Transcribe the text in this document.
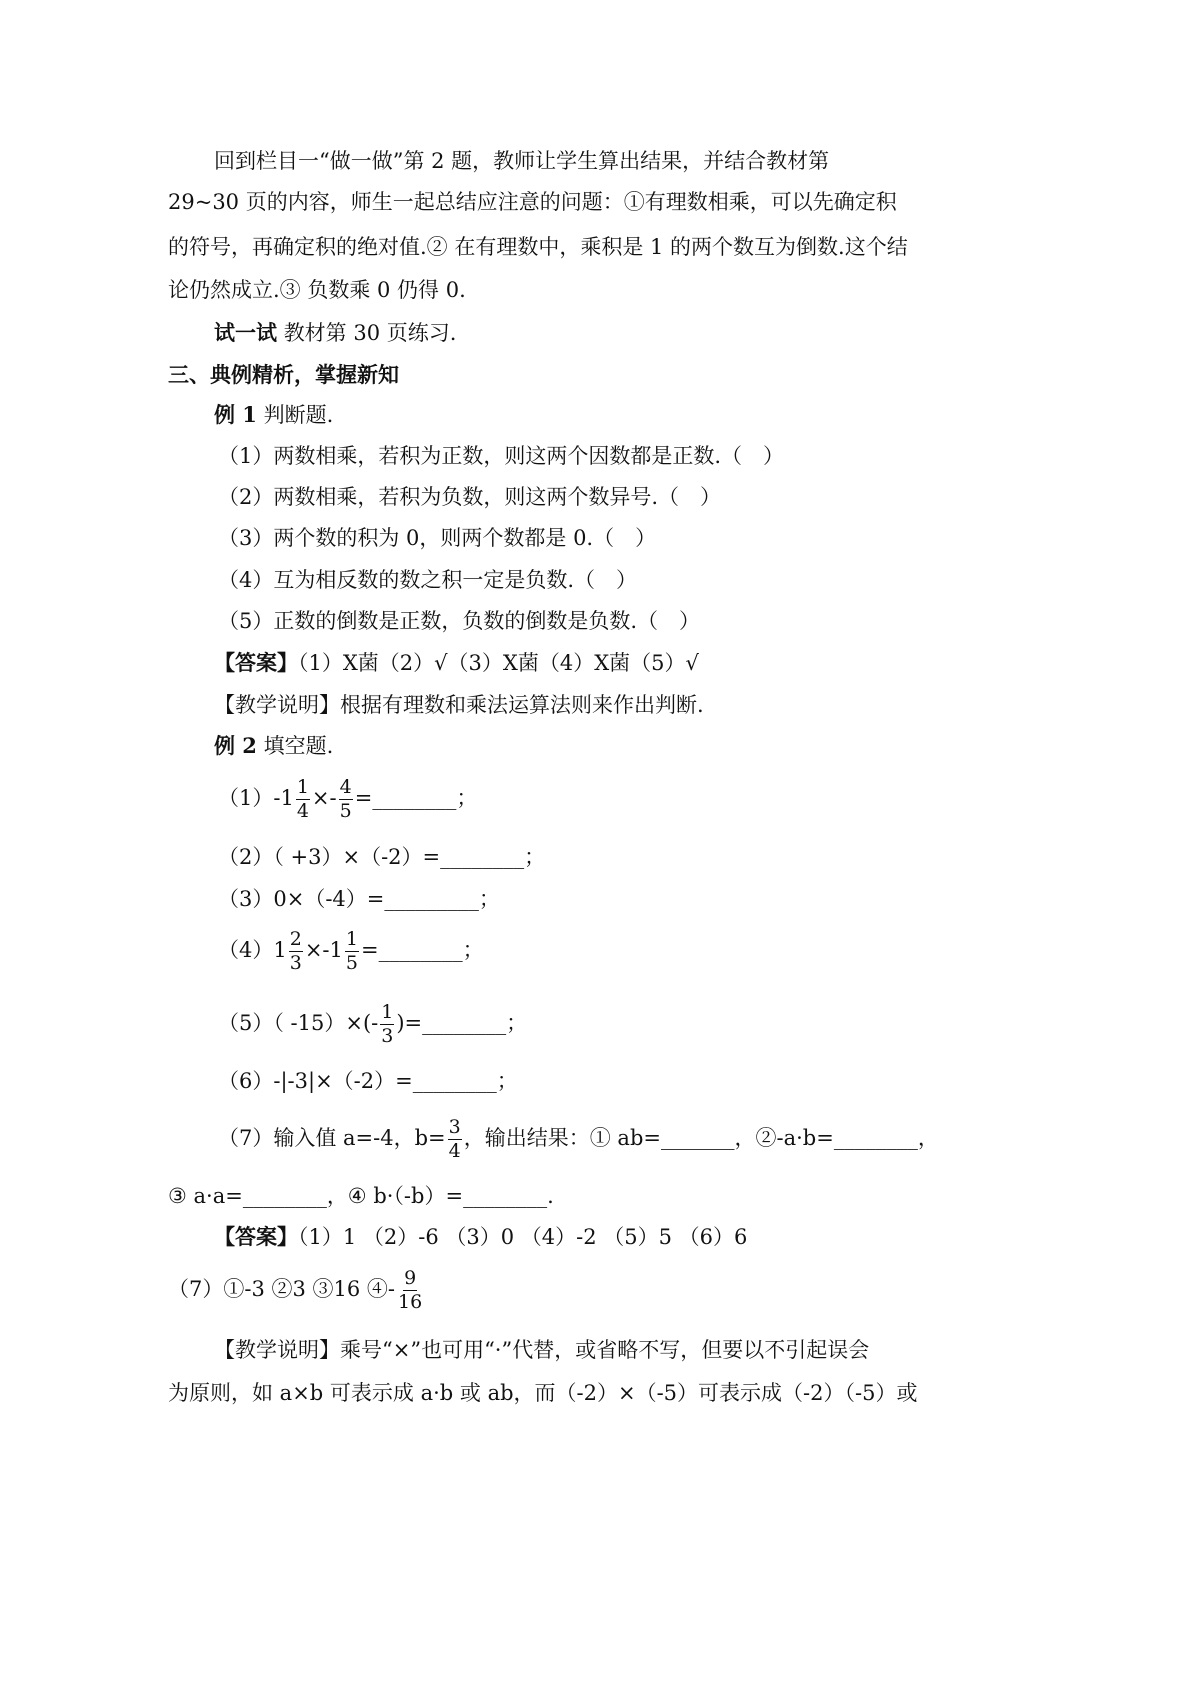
回到栏目一“做一做”第 2 题，教师让学生算出结果，并结合教材第
29~30 页的内容，师生一起总结应注意的问题：①有理数相乘，可以先确定积
的符号，再确定积的绝对值.② 在有理数中，乘积是 1 的两个数互为倒数.这个结
论仍然成立.③ 负数乘 0 仍得 0.
试一试 教材第 30 页练习.
三、典例精析，掌握新知
例 1 判断题.
（1）两数相乘，若积为正数，则这两个因数都是正数.（　）
（2）两数相乘，若积为负数，则这两个数异号.（　）
（3）两个数的积为 0，则两个数都是 0.（　）
（4）互为相反数的数之积一定是负数.（　）
（5）正数的倒数是正数，负数的倒数是负数.（　）
【答案】（1）X菌（2）√（3）X菌（4）X菌（5）√
【教学说明】根据有理数和乘法运算法则来作出判断.
例 2 填空题.
$(1)-1 \frac{1}{4} \times- \frac{4}{5}$ =________；
（2）（ +3）×（-2）=________；
（3）0×（-4）=_________；
$(4)1 \frac{2}{3} \times-1 \frac{1}{5}$ =________；
（5）（ $-15)\times(- \frac{1}{3}$ )=________；
（6）-|-3|×（-2）=________；
（7）输入值 a=-4，$b= \frac{3}{4}$ ，输出结果：① ab=_______，②-a·b=________，
③ a·a=________，④ b·（-b）=________.
【答案】（1）1 （2）-6 （3）0 （4）-2 （5）5 （6）6
（7）①-3 ②3 ③16 ④- $\frac{9}{16}$
【教学说明】乘号“×”也可用“·”代替，或省略不写，但要以不引起误会
为原则，如 a×b 可表示成 a·b 或 ab，而（-2）×（-5）可表示成（-2）（-5）或
